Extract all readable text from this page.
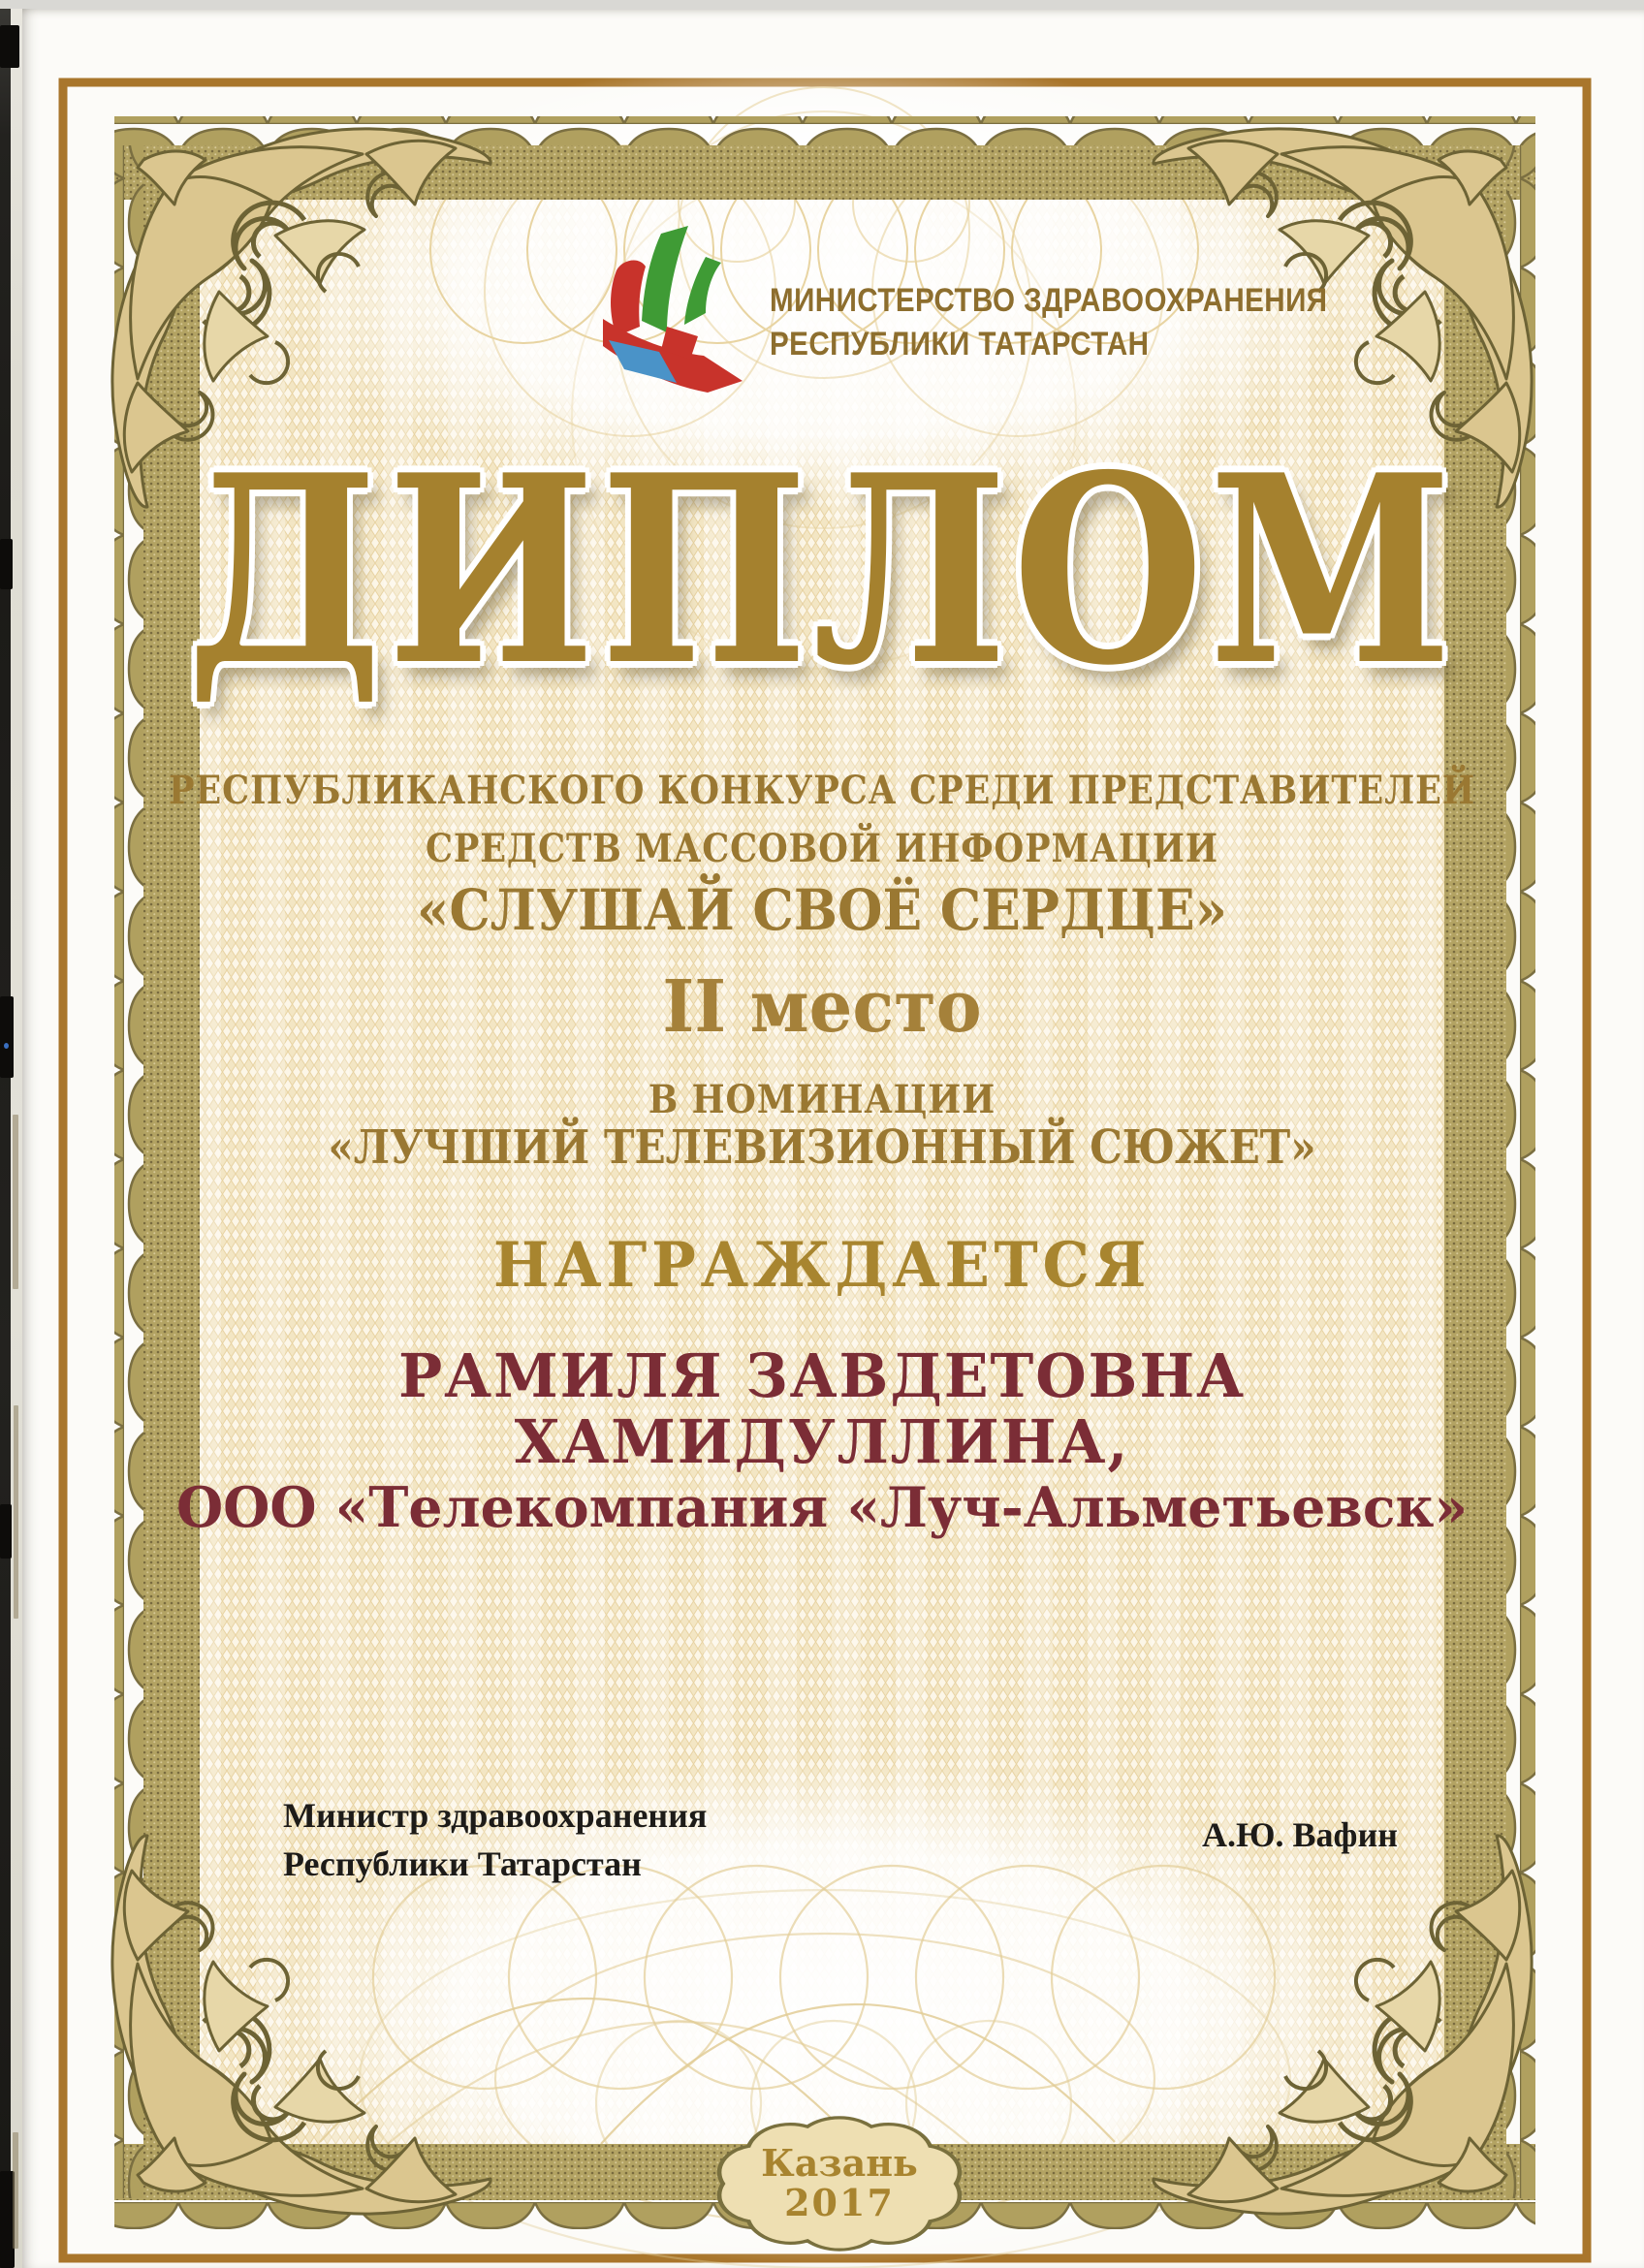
МИНИСТЕРСТВО ЗДРАВООХРАНЕНИЯ
РЕСПУБЛИКИ ТАТАРСТАН
ДИПЛОМ
РЕСПУБЛИКАНСКОГО КОНКУРСА СРЕДИ ПРЕДСТАВИТЕЛЕЙ
СРЕДСТВ МАССОВОЙ ИНФОРМАЦИИ
«СЛУШАЙ СВОЁ СЕРДЦЕ»
II место
В НОМИНАЦИИ
«ЛУЧШИЙ ТЕЛЕВИЗИОННЫЙ СЮЖЕТ»
НАГРАЖДАЕТСЯ
РАМИЛЯ ЗАВДЕТОВНА
ХАМИДУЛЛИНА,
ООО «Телекомпания «Луч-Альметьевск»
Министр здравоохранения
Республики Татарстан
А.Ю. Вафин
Казань
2017
